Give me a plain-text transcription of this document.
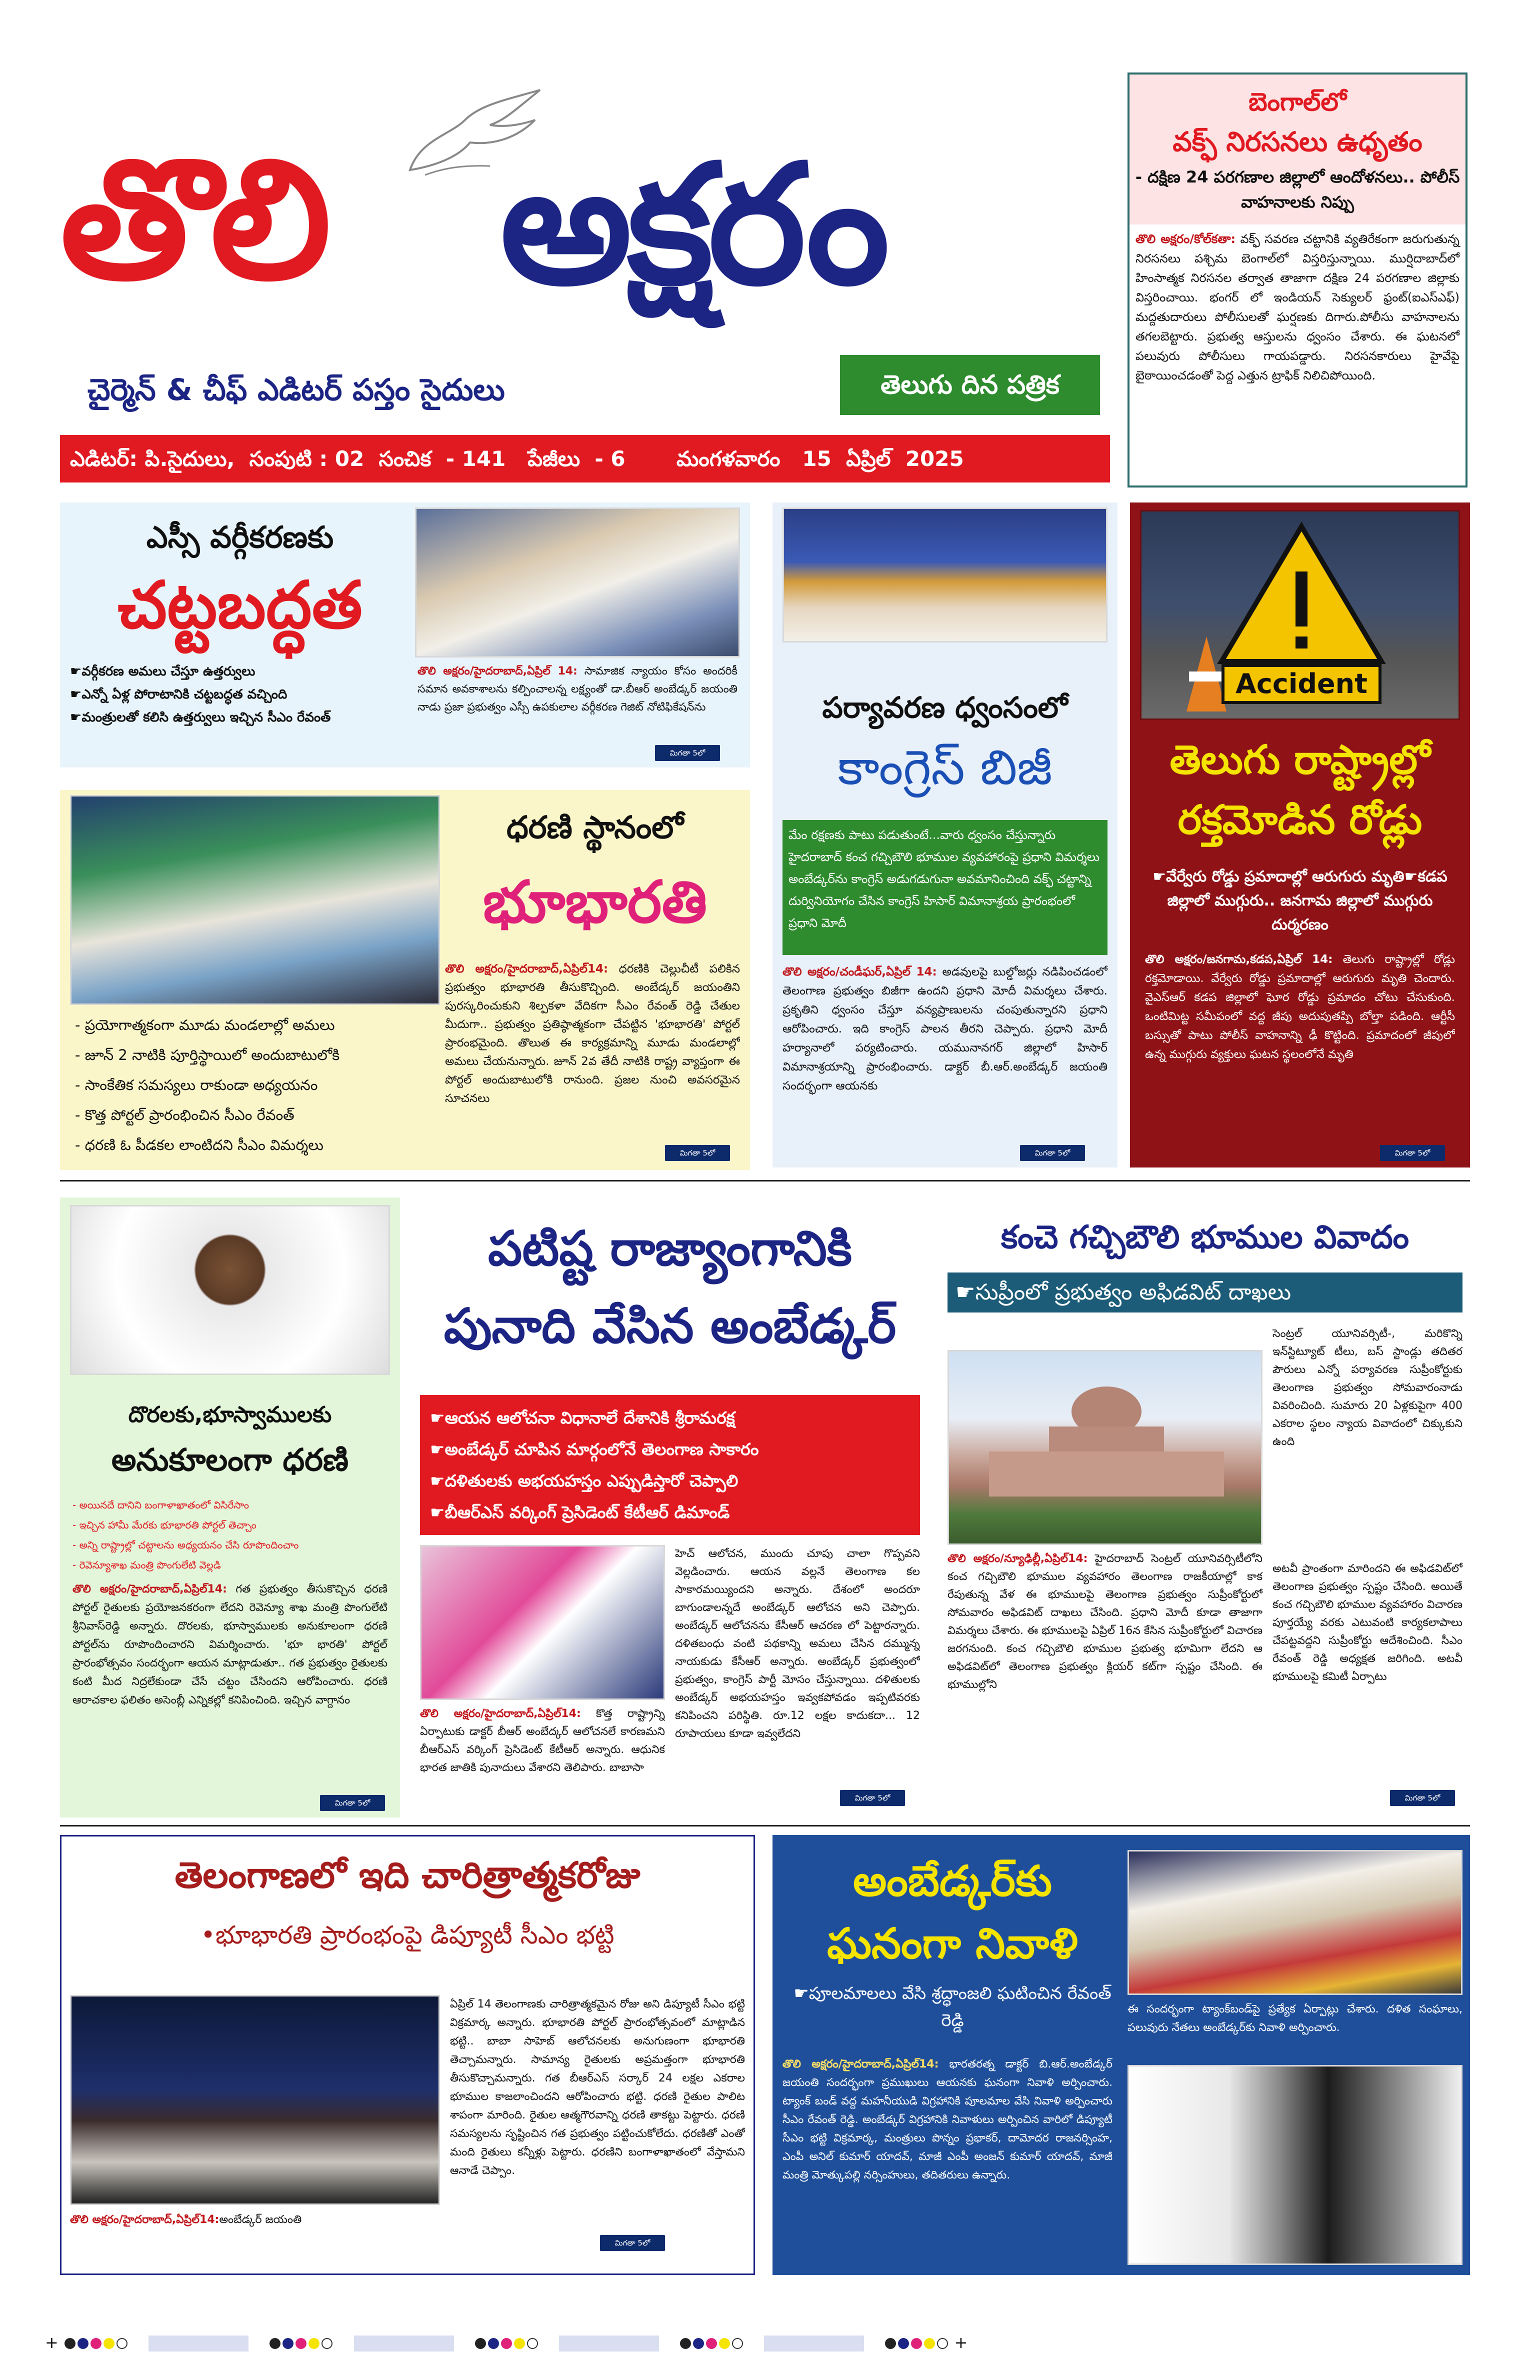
తొలి అక్షరం
చైర్మెన్ & చీఫ్ ఎడిటర్ పస్తం సైదులు	తెలుగు దిన పత్రిక
ఎడిటర్: పి.సైదులు,  సంపుటి : 02  సంచిక  - 141   పేజీలు  - 6       మంగళవారం   15  ఏప్రిల్  2025
బెంగాల్‌లో
వక్ఫ్ నిరసనలు ఉధృతం
- దక్షిణ 24 పరగణాల జిల్లాలో ఆందోళనలు.. పోలీస్ వాహనాలకు నిప్పు
తొలి అక్షరం/కోల్‌కతా: వక్ఫ్ సవరణ చట్టానికి వ్యతిరేకంగా జరుగుతున్న నిరసనలు పశ్చిమ బెంగాల్‌లో విస్తరిస్తున్నాయి. ముర్షిదాబాద్‌లో హింసాత్మక నిరసనల తర్వాత తాజాగా దక్షిణ 24 పరగణాల జిల్లాకు విస్తరించాయి. భంగర్ లో ఇండియన్ సెక్యులర్ ఫ్రంట్(ఐఎస్‌ఎఫ్) మద్దతుదారులు పోలీసులతో ఘర్షణకు దిగారు.పోలీసు వాహనాలను తగలబెట్టారు. ప్రభుత్వ ఆస్తులను ధ్వంసం చేశారు. ఈ ఘటనలో పలువురు పోలీసులు గాయపడ్డారు. నిరసనకారులు హైవేపై బైఠాయించడంతో పెద్ద ఎత్తున ట్రాఫిక్ నిలిచిపోయింది.
ఎస్సీ వర్గీకరణకు
చట్టబద్ధత
☛వర్గీకరణ అమలు చేస్తూ ఉత్తర్వులు
☛ఎన్నో ఏళ్ల పోరాటానికి చట్టబద్ధత వచ్చింది
☛మంత్రులతో కలిసి ఉత్తర్వులు ఇచ్చిన సీఎం రేవంత్
తొలి అక్షరం/హైదరాబాద్,ఏప్రిల్ 14: సామాజిక న్యాయం కోసం అందరికీ సమాన అవకాశాలను కల్పించాలన్న లక్ష్యంతో డా.బీఆర్ అంబేడ్కర్ జయంతి నాడు ప్రజా ప్రభుత్వం ఎస్సీ ఉపకులాల వర్గీకరణ గెజిట్ నోటిఫికేషన్‌ను
మిగతా 5లో
పర్యావరణ ధ్వంసంలో
కాంగ్రెస్ బిజీ
మేం రక్షణకు పాటు పడుతుంటే...వారు ధ్వంసం చేస్తున్నారు హైదరాబాద్ కంచ గచ్చిబౌలి భూముల వ్యవహారంపై ప్రధాని విమర్శలు అంబేడ్కర్‌ను కాంగ్రెస్ అడుగడుగునా అవమానించింది వక్ఫ్ చట్టాన్ని దుర్వినియోగం చేసిన కాంగ్రెస్ హిసార్ విమానాశ్రయ ప్రారంభంలో ప్రధాని మోదీ
తొలి అక్షరం/చండీఘర్,ఏప్రిల్ 14: అడవులపై బుల్డోజర్లు నడిపించడంలో తెలంగాణ ప్రభుత్వం బిజీగా ఉందని ప్రధాని మోదీ విమర్శలు చేశారు. ప్రకృతిని ధ్వంసం చేస్తూ వన్యప్రాణులను చంపుతున్నారని ప్రధాని ఆరోపించారు. ఇది కాంగ్రెస్ పాలన తీరని చెప్పారు. ప్రధాని మోదీ హర్యానాలో పర్యటించారు. యమునానగర్ జిల్లాలో హిసార్ విమానాశ్రయాన్ని ప్రారంభించారు. డాక్టర్ బీ.ఆర్.అంబేడ్కర్ జయంతి సందర్భంగా ఆయనకు
మిగతా 5లో
Accident
తెలుగు రాష్ట్రాల్లో రక్తమోడిన రోడ్లు
☛వేర్వేరు రోడ్డు ప్రమాదాల్లో ఆరుగురు మృతి☛కడప జిల్లాలో ముగ్గురు.. జనగామ జిల్లాలో ముగ్గురు దుర్మరణం
తొలి అక్షరం/జనగామ,కడప,ఏప్రిల్ 14: తెలుగు రాష్ట్రాల్లో రోడ్లు రక్తమోడాయి. వేర్వేరు రోడ్డు ప్రమాదాల్లో ఆరుగురు మృతి చెందారు. వైఎస్ఆర్ కడప జిల్లాలో ఘోర రోడ్డు ప్రమాదం చోటు చేసుకుంది. ఒంటిమిట్ట సమీపంలో వద్ద జీపు అదుపుతప్పి బోల్తా పడింది. ఆర్టీసీ బస్సుతో పాటు పోలీస్ వాహనాన్ని ఢీ కొట్టింది. ప్రమాదంలో జీపులో ఉన్న ముగ్గురు వ్యక్తులు ఘటన స్థలంలోనే మృతి
మిగతా 5లో
ధరణి స్థానంలో
భూభారతి
- ప్రయోగాత్మకంగా మూడు మండలాల్లో అమలు
- జూన్ 2 నాటికి పూర్తిస్థాయిలో అందుబాటులోకి
- సాంకేతిక సమస్యలు రాకుండా అధ్యయనం
- కొత్త పోర్టల్ ప్రారంభించిన సీఎం రేవంత్
- ధరణి ఓ పీడకల లాంటిదని సీఎం విమర్శలు
తొలి అక్షరం/హైదరాబాద్,ఏప్రిల్14: ధరణికి చెల్లుచీటీ పలికిన ప్రభుత్వం భూభారతి తీసుకొచ్చింది. అంబేడ్కర్ జయంతిని పురస్కరించుకుని శిల్పకళా వేదికగా సీఎం రేవంత్ రెడ్డి చేతుల మీదుగా.. ప్రభుత్వం ప్రతిష్ఠాత్మకంగా చేపట్టిన 'భూభారతి' పోర్టల్ ప్రారంభమైంది. తొలుత ఈ కార్యక్రమాన్ని మూడు మండలాల్లో అమలు చేయనున్నారు. జూన్ 2వ తేదీ నాటికి రాష్ట్ర వ్యాప్తంగా ఈ పోర్టల్ అందుబాటులోకి రానుంది. ప్రజల నుంచి అవసరమైన సూచనలు
మిగతా 5లో
దొరలకు,భూస్వాములకు
అనుకూలంగా ధరణి
- అయినదే దానిని బంగాళాఖాతంలో విసిరేసాం
- ఇచ్చిన హామీ మేరకు భూభారతి పోర్టల్ తెచ్చాం
- అన్ని రాష్ట్రాల్లో చట్టాలను అధ్యయనం చేసి రూపొందించాం
- రెవెన్యూశాఖ మంత్రి పొంగులేటి వెల్లడి
తొలి అక్షరం/హైదరాబాద్,ఏప్రిల్14: గత ప్రభుత్వం తీసుకొచ్చిన ధరణి పోర్టల్ రైతులకు ప్రయోజనకరంగా లేదని రెవెన్యూ శాఖ మంత్రి పొంగులేటి శ్రీనివాస్‌రెడ్డి అన్నారు. దొరలకు, భూస్వాములకు అనుకూలంగా ధరణి పోర్టల్‌ను రూపొందించారని విమర్శించారు. 'భూ భారతి' పోర్టల్ ప్రారంభోత్సవం సందర్భంగా ఆయన మాట్లాడుతూ.. గత ప్రభుత్వం రైతులకు కంటి మీద నిద్రలేకుండా చేసే చట్టం చేసిందని ఆరోపించారు. ధరణి ఆరాచకాల ఫలితం అసెంబ్లీ ఎన్నికల్లో కనిపించింది. ఇచ్చిన వాగ్దానం
మిగతా 5లో
పటిష్ట రాజ్యాంగానికి పునాది వేసిన అంబేడ్కర్
☛ఆయన ఆలోచనా విధానాలే దేశానికి శ్రీరామరక్ష
☛అంబేడ్కర్ చూపిన మార్గంలోనే తెలంగాణ సాకారం
☛దళితులకు అభయహస్తం ఎప్పుడిస్తారో చెప్పాలి
☛బీఆర్ఎస్ వర్కింగ్ ప్రెసిడెంట్ కేటీఆర్ డిమాండ్
తొలి అక్షరం/హైదరాబాద్,ఏప్రిల్14: కొత్త రాష్ట్రాన్ని ఏర్పాటుకు డాక్టర్ బీఆర్ అంబేద్కర్ ఆలోచనలే కారణమని బీఆర్ఎస్ వర్కింగ్ ప్రెసిడెంట్ కేటీఆర్ అన్నారు. ఆధునిక భారత జాతికి పునాదులు వేశారని తెలిపారు. బాబాసా
హెచ్ ఆలోచన, ముందు చూపు చాలా గొప్పవని వెల్లడించారు. ఆయన వల్లనే తెలంగాణ కల సాకారమయ్యిందని అన్నారు. దేశంలో అందరూ బాగుండాలన్నదే అంబేడ్కర్ ఆలోచన అని చెప్పారు. అంబేడ్కర్ ఆలోచనను కేసీఆర్ ఆచరణ లో పెట్టారన్నారు. దళితబంధు వంటి పథకాన్ని అమలు చేసిన దమ్మున్న నాయకుడు కేసీఆర్ అన్నారు. అంబేడ్కర్ ప్రభుత్వంలో ప్రభుత్వం, కాంగ్రెస్ పార్టీ మోసం చేస్తున్నాయి. దళితులకు అంబేడ్కర్ అభయహస్తం ఇవ్వకపోవడం ఇప్పటివరకు కనిపించని పరిస్థితి. రూ.12 లక్షల కాదుకదా... 12 రూపాయలు కూడా ఇవ్వలేదని
మిగతా 5లో
కంచె గచ్చిబౌలి భూముల వివాదం
☛సుప్రీంలో ప్రభుత్వం అఫిడవిట్ దాఖలు
సెంట్రల్ యూనివర్సిటీ-, మరికొన్ని ఇన్‌స్టిట్యూట్ టీలు, బస్ స్టాండ్లు తదితర పౌరులు ఎన్నో పర్యావరణ సుప్రీంకోర్టుకు తెలంగాణ ప్రభుత్వం సోమవారంనాడు వివరించింది. సుమారు 20 ఏళ్లకుపైగా 400 ఎకరాల స్థలం న్యాయ వివాదంలో చిక్కుకుని ఉంది
తొలి అక్షరం/న్యూఢిల్లీ,ఏప్రిల్14: హైదరాబాద్ సెంట్రల్ యూనివర్సిటీలోని కంచ గచ్చిబౌలి భూముల వ్యవహారం తెలంగాణ రాజకీయాల్లో కాక రేపుతున్న వేళ ఈ భూములపై తెలంగాణ ప్రభుత్వం సుప్రీంకోర్టులో సోమవారం అఫిడవిట్ దాఖలు చేసింది. ప్రధాని మోదీ కూడా తాజాగా విమర్శలు చేశారు. ఈ భూములపై ఏప్రిల్ 16న కేసిన సుప్రీంకోర్టులో విచారణ జరగనుంది. కంచ గచ్చిబౌలి భూముల ప్రభుత్వ భూమిగా లేదని ఆ అఫిడవిట్‌లో తెలంగాణ ప్రభుత్వం క్లియర్ కట్‌గా స్పష్టం చేసింది. ఈ భూముల్లోని
అటవీ ప్రాంతంగా మారిందని ఈ అఫిడవిట్‌లో తెలంగాణ ప్రభుత్వం స్పష్టం చేసింది. అయితే కంచ గచ్చిబౌలి భూముల వ్యవహారం విచారణ పూర్తయ్యే వరకు ఎటువంటి కార్యకలాపాలు చేపట్టవద్దని సుప్రీంకోర్టు ఆదేశించింది. సీఎం రేవంత్ రెడ్డి అధ్యక్షత జరిగింది. అటవీ భూములపై కమిటీ ఏర్పాటు
మిగతా 5లో
తెలంగాణలో ఇది చారిత్రాత్మకరోజు
•భూభారతి ప్రారంభంపై డిప్యూటీ సీఎం భట్టి
తొలి అక్షరం/హైదరాబాద్,ఏప్రిల్14:అంబేడ్కర్ జయంతి
ఏప్రిల్ 14 తెలంగాణకు చారిత్రాత్మకమైన రోజు అని డిప్యూటీ సీఎం భట్టి విక్రమార్క అన్నారు. భూభారతి పోర్టల్ ప్రారంభోత్సవంలో మాట్లాడిన భట్టి.. బాబా సాహెబ్ ఆలోచనలకు అనుగుణంగా భూభారతి తెచ్చామన్నారు. సామాన్య రైతులకు అప్రమత్తంగా భూభారతి తీసుకొచ్చామన్నారు. గత బీఆర్ఎస్ సర్కార్ 24 లక్షల ఎకరాల భూముల కాజలాంచిందని ఆరోపించారు భట్టి. ధరణి రైతుల పాలిట శాపంగా మారింది. రైతుల ఆత్మగౌరవాన్ని ధరణి తాకట్టు పెట్టారు. ధరణి సమస్యలను సృష్టించిన గత ప్రభుత్వం పట్టించుకోలేదు. ధరణితో ఎంతో మంది రైతులు కన్నీళ్లు పెట్టారు. ధరణిని బంగాళాఖాతంలో వేస్తామని ఆనాడే చెప్పాం.
మిగతా 5లో
అంబేడ్కర్‌కు ఘనంగా నివాళి
☛పూలమాలలు వేసి శ్రద్ధాంజలి ఘటించిన రేవంత్ రెడ్డి
తొలి అక్షరం/హైదరాబాద్,ఏప్రిల్14: భారతరత్న డాక్టర్ బి.ఆర్.అంబేడ్కర్ జయంతి సందర్భంగా ప్రముఖులు ఆయనకు ఘనంగా నివాళి అర్పించారు. ట్యాంక్ బండ్ వద్ద మహనీయుడి విగ్రహానికి పూలమాల వేసి నివాళి అర్పించారు సీఎం రేవంత్ రెడ్డి. అంబేడ్కర్ విగ్రహానికి నివాళులు అర్పించిన వారిలో డిప్యూటీ సీఎం భట్టి విక్రమార్క, మంత్రులు పొన్నం ప్రభాకర్, దామోదర రాజనర్సింహ, ఎంపీ అనిల్ కుమార్ యాదవ్, మాజీ ఎంపీ అంజన్ కుమార్ యాదవ్, మాజీ మంత్రి మోత్కుపల్లి నర్సింహులు, తదితరులు ఉన్నారు.
ఈ సందర్భంగా ట్యాంక్‌బండ్‌పై ప్రత్యేక ఏర్పాట్లు చేశారు. దళిత సంఘాలు, పలువురు నేతలు అంబేడ్కర్‌కు నివాళి అర్పించారు.
+	+
